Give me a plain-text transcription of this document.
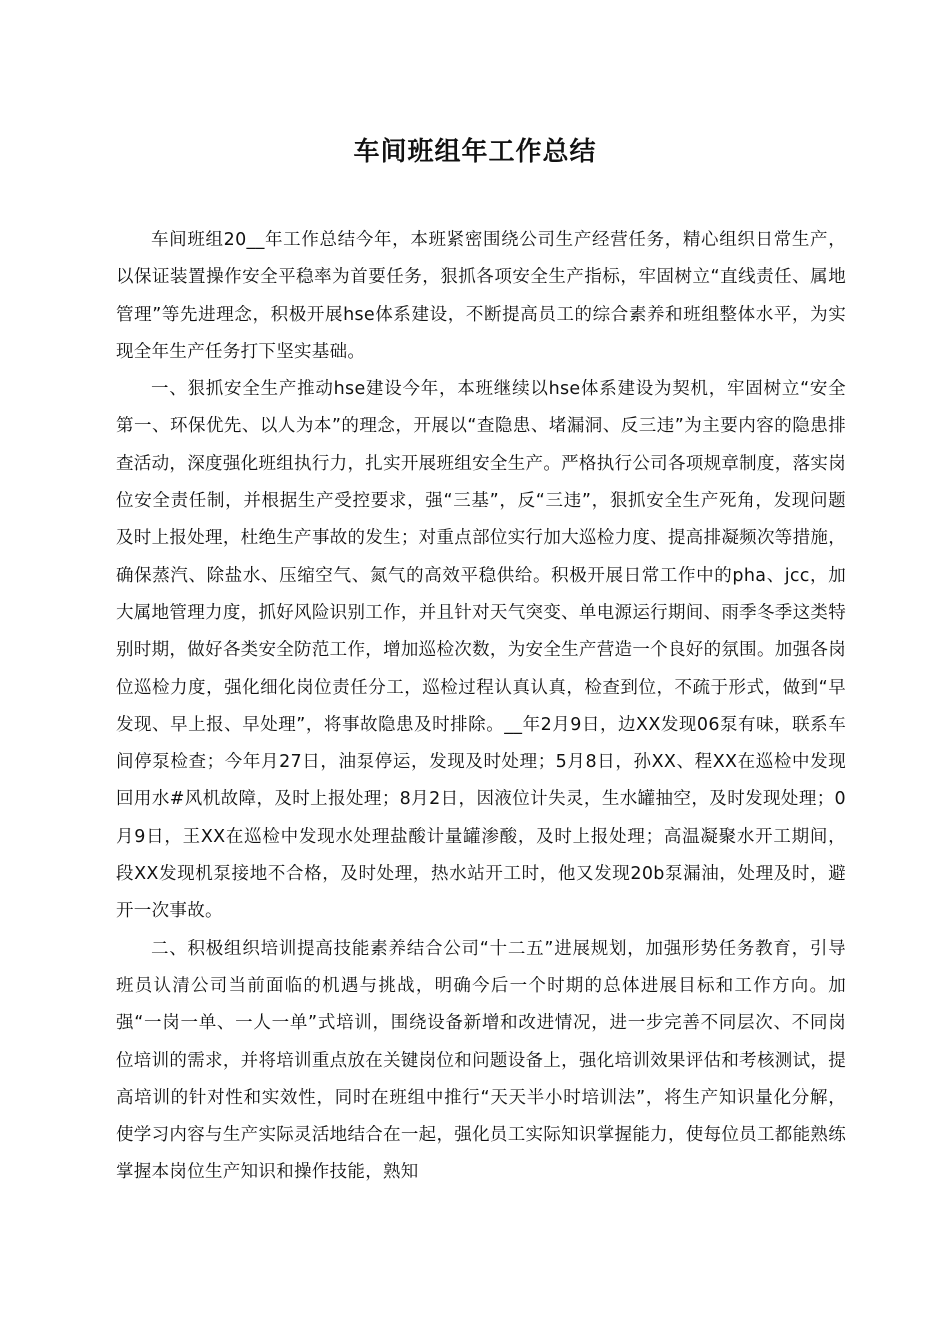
车间班组年工作总结

车间班组20__年工作总结今年，本班紧密围绕公司生产经营任务，精心组织日常生产，以保证装置操作安全平稳率为首要任务，狠抓各项安全生产指标，牢固树立“直线责任、属地管理”等先进理念，积极开展hse体系建设，不断提高员工的综合素养和班组整体水平，为实现全年生产任务打下坚实基础。

一、狠抓安全生产推动hse建设今年，本班继续以hse体系建设为契机，牢固树立“安全第一、环保优先、以人为本”的理念，开展以“查隐患、堵漏洞、反三违”为主要内容的隐患排查活动，深度强化班组执行力，扎实开展班组安全生产。严格执行公司各项规章制度，落实岗位安全责任制，并根据生产受控要求，强“三基”，反“三违”，狠抓安全生产死角，发现问题及时上报处理，杜绝生产事故的发生；对重点部位实行加大巡检力度、提高排凝频次等措施，确保蒸汽、除盐水、压缩空气、氮气的高效平稳供给。积极开展日常工作中的pha、jcc，加大属地管理力度，抓好风险识别工作，并且针对天气突变、单电源运行期间、雨季冬季这类特别时期，做好各类安全防范工作，增加巡检次数，为安全生产营造一个良好的氛围。加强各岗位巡检力度，强化细化岗位责任分工，巡检过程认真认真，检查到位，不疏于形式，做到“早发现、早上报、早处理”，将事故隐患及时排除。__年2月9日，边XX发现06泵有味，联系车间停泵检查；今年月27日，油泵停运，发现及时处理；5月8日，孙XX、程XX在巡检中发现回用水#风机故障，及时上报处理；8月2日，因液位计失灵，生水罐抽空，及时发现处理；0月9日，王XX在巡检中发现水处理盐酸计量罐渗酸，及时上报处理；高温凝聚水开工期间，段XX发现机泵接地不合格，及时处理，热水站开工时，他又发现20b泵漏油，处理及时，避开一次事故。

二、积极组织培训提高技能素养结合公司“十二五”进展规划，加强形势任务教育，引导班员认清公司当前面临的机遇与挑战，明确今后一个时期的总体进展目标和工作方向。加强“一岗一单、一人一单”式培训，围绕设备新增和改进情况，进一步完善不同层次、不同岗位培训的需求，并将培训重点放在关键岗位和问题设备上，强化培训效果评估和考核测试，提高培训的针对性和实效性，同时在班组中推行“天天半小时培训法”，将生产知识量化分解，使学习内容与生产实际灵活地结合在一起，强化员工实际知识掌握能力，使每位员工都能熟练掌握本岗位生产知识和操作技能，熟知
